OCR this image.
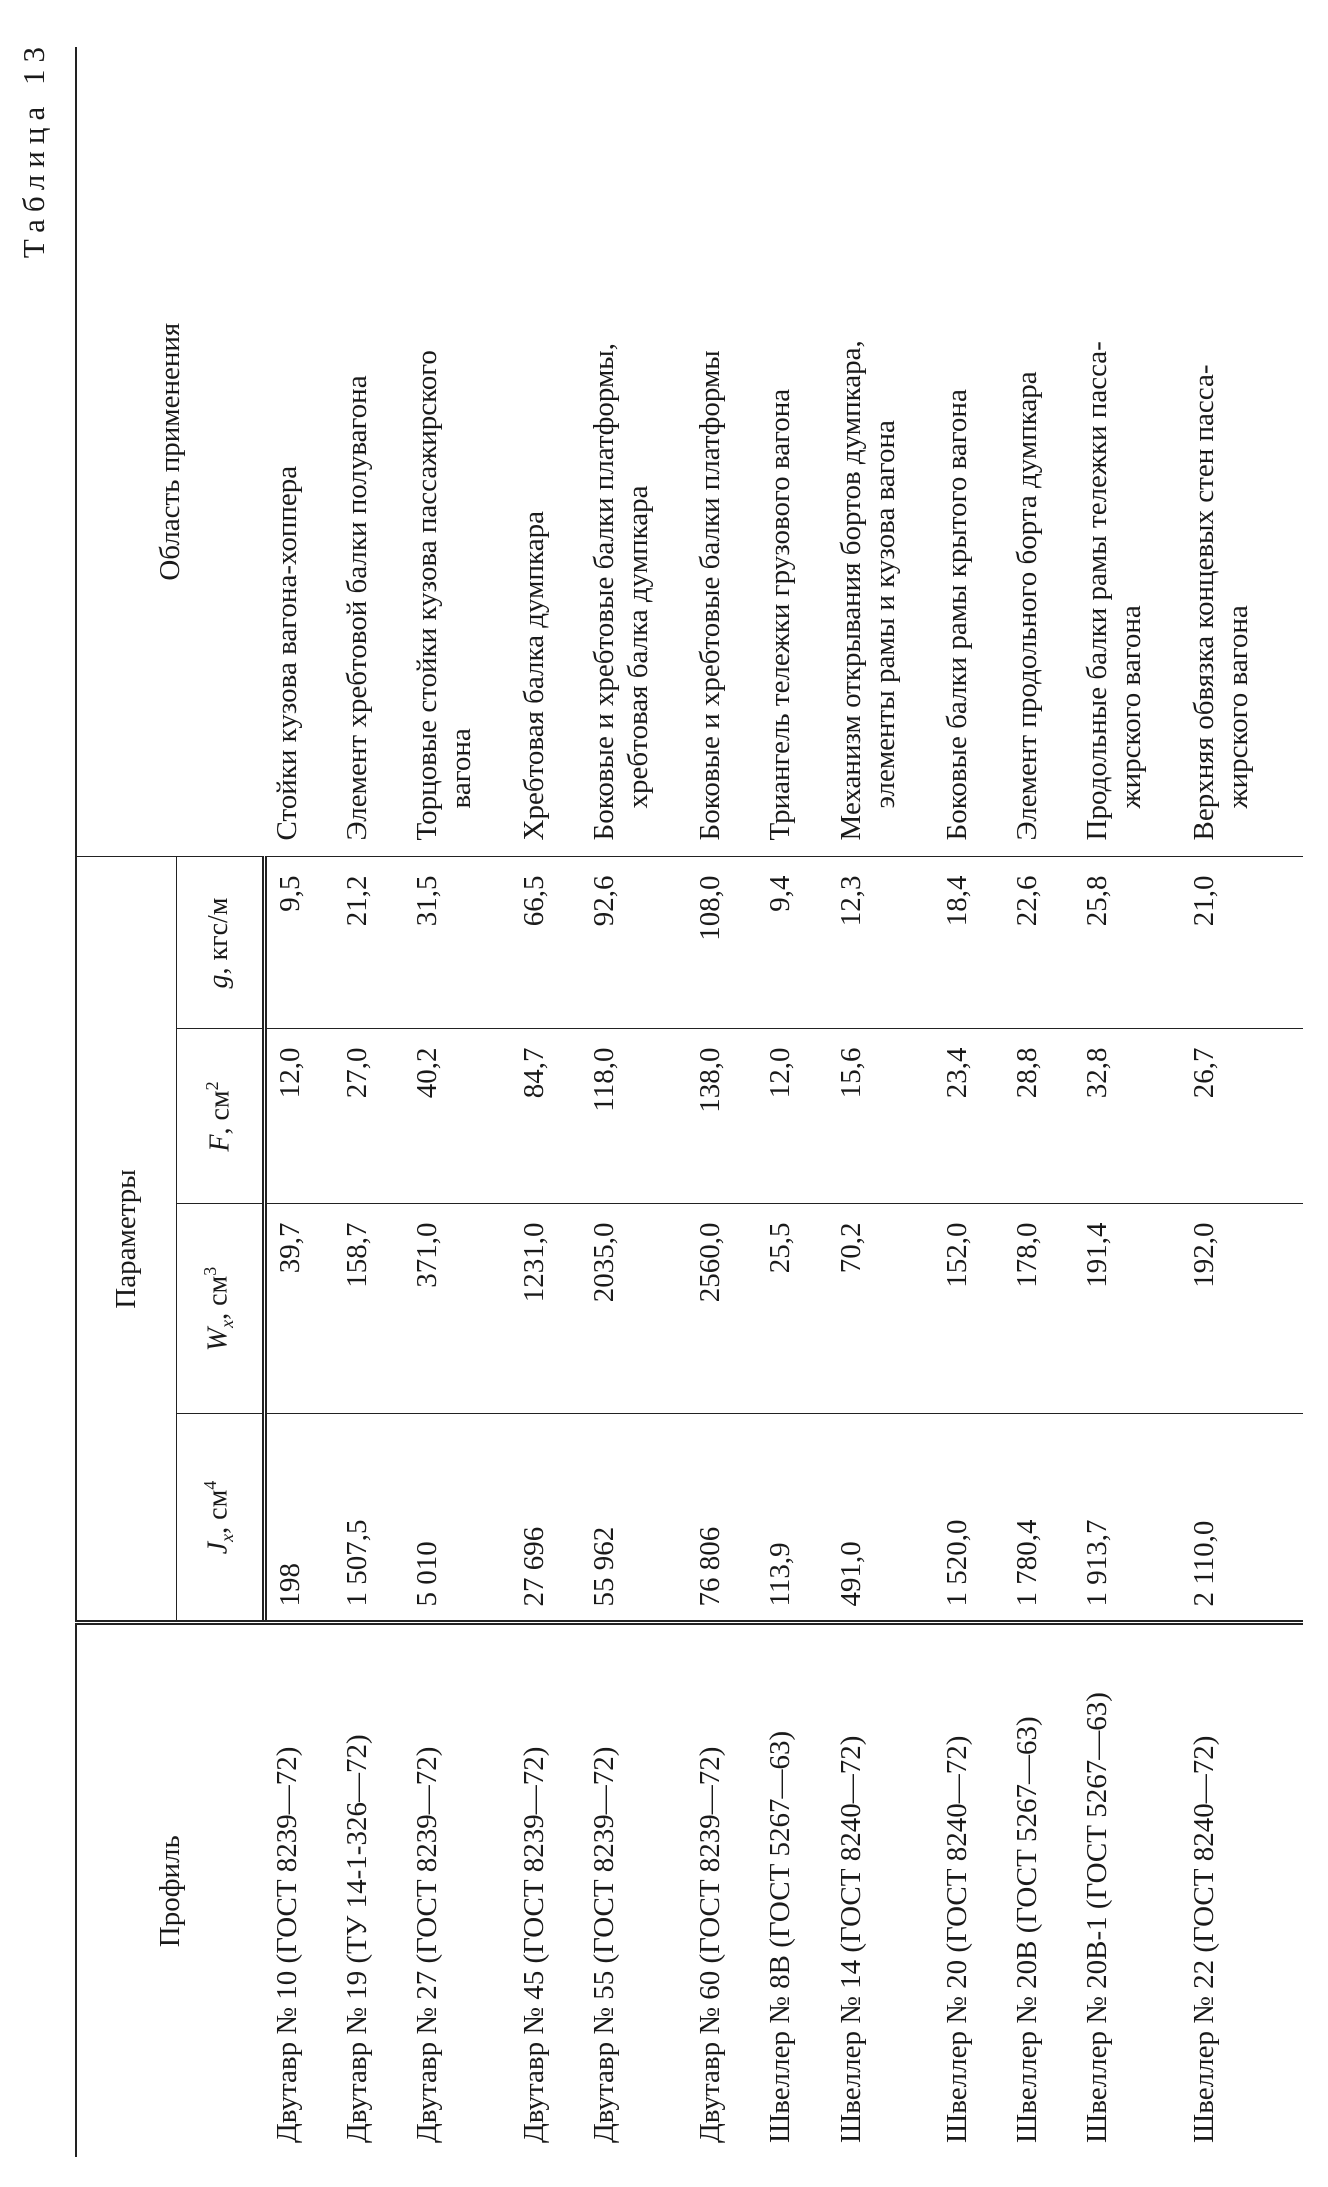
Таблица 13
Профиль	Параметры				Область применения
	$J_x$, $см^4$	$W_x$, $см^3$	F, $см^2$	g, кгс/м	
Двутавр № 10 (ГОСТ 8239—72)	198	39,7	12,0	9,5	Стойки кузова вагона-хоппера
Двутавр № 19 (ТУ 14-1-326—72)	1 507,5	158,7	27,0	21,2	Элемент хребтовой балки полувагона
Двутавр № 27 (ГОСТ 8239—72)	5 010	371,0	40,2	31,5	Торцовые стойки кузова пассажирского вагона

Двутавр № 45 (ГОСТ 8239—72)	27 696	1231,0	84,7	66,5	Хребтовая балка думпкара
Двутавр № 55 (ГОСТ 8239—72)	55 962	2035,0	118,0	92,6	Боковые и хребтовые балки платформы, хребтовая балка думпкара

Двутавр № 60 (ГОСТ 8239—72)	76 806	2560,0	138,0	108,0	Боковые и хребтовые балки платформы
Швеллер № 8В (ГОСТ 5267—63)	113,9	25,5	12,0	9,4	Триангель тележки грузового вагона
Швеллер № 14 (ГОСТ 8240—72)	491,0	70,2	15,6	12,3	Механизм открывания бортов думпкара, элементы рамы и кузова вагона

Швеллер № 20 (ГОСТ 8240—72)	1 520,0	152,0	23,4	18,4	Боковые балки рамы крытого вагона
Швеллер № 20В (ГОСТ 5267—63)	1 780,4	178,0	28,8	22,6	Элемент продольного борта думпкара
Швеллер № 20В-1 (ГОСТ 5267—63)	1 913,7	191,4	32,8	25,8	Продольные балки рамы тележки пасса- жирского вагона

Швеллер № 22 (ГОСТ 8240—72)	2 110,0	192,0	26,7	21,0	Верхняя обвязка концевых стен пасса- жирского вагона
